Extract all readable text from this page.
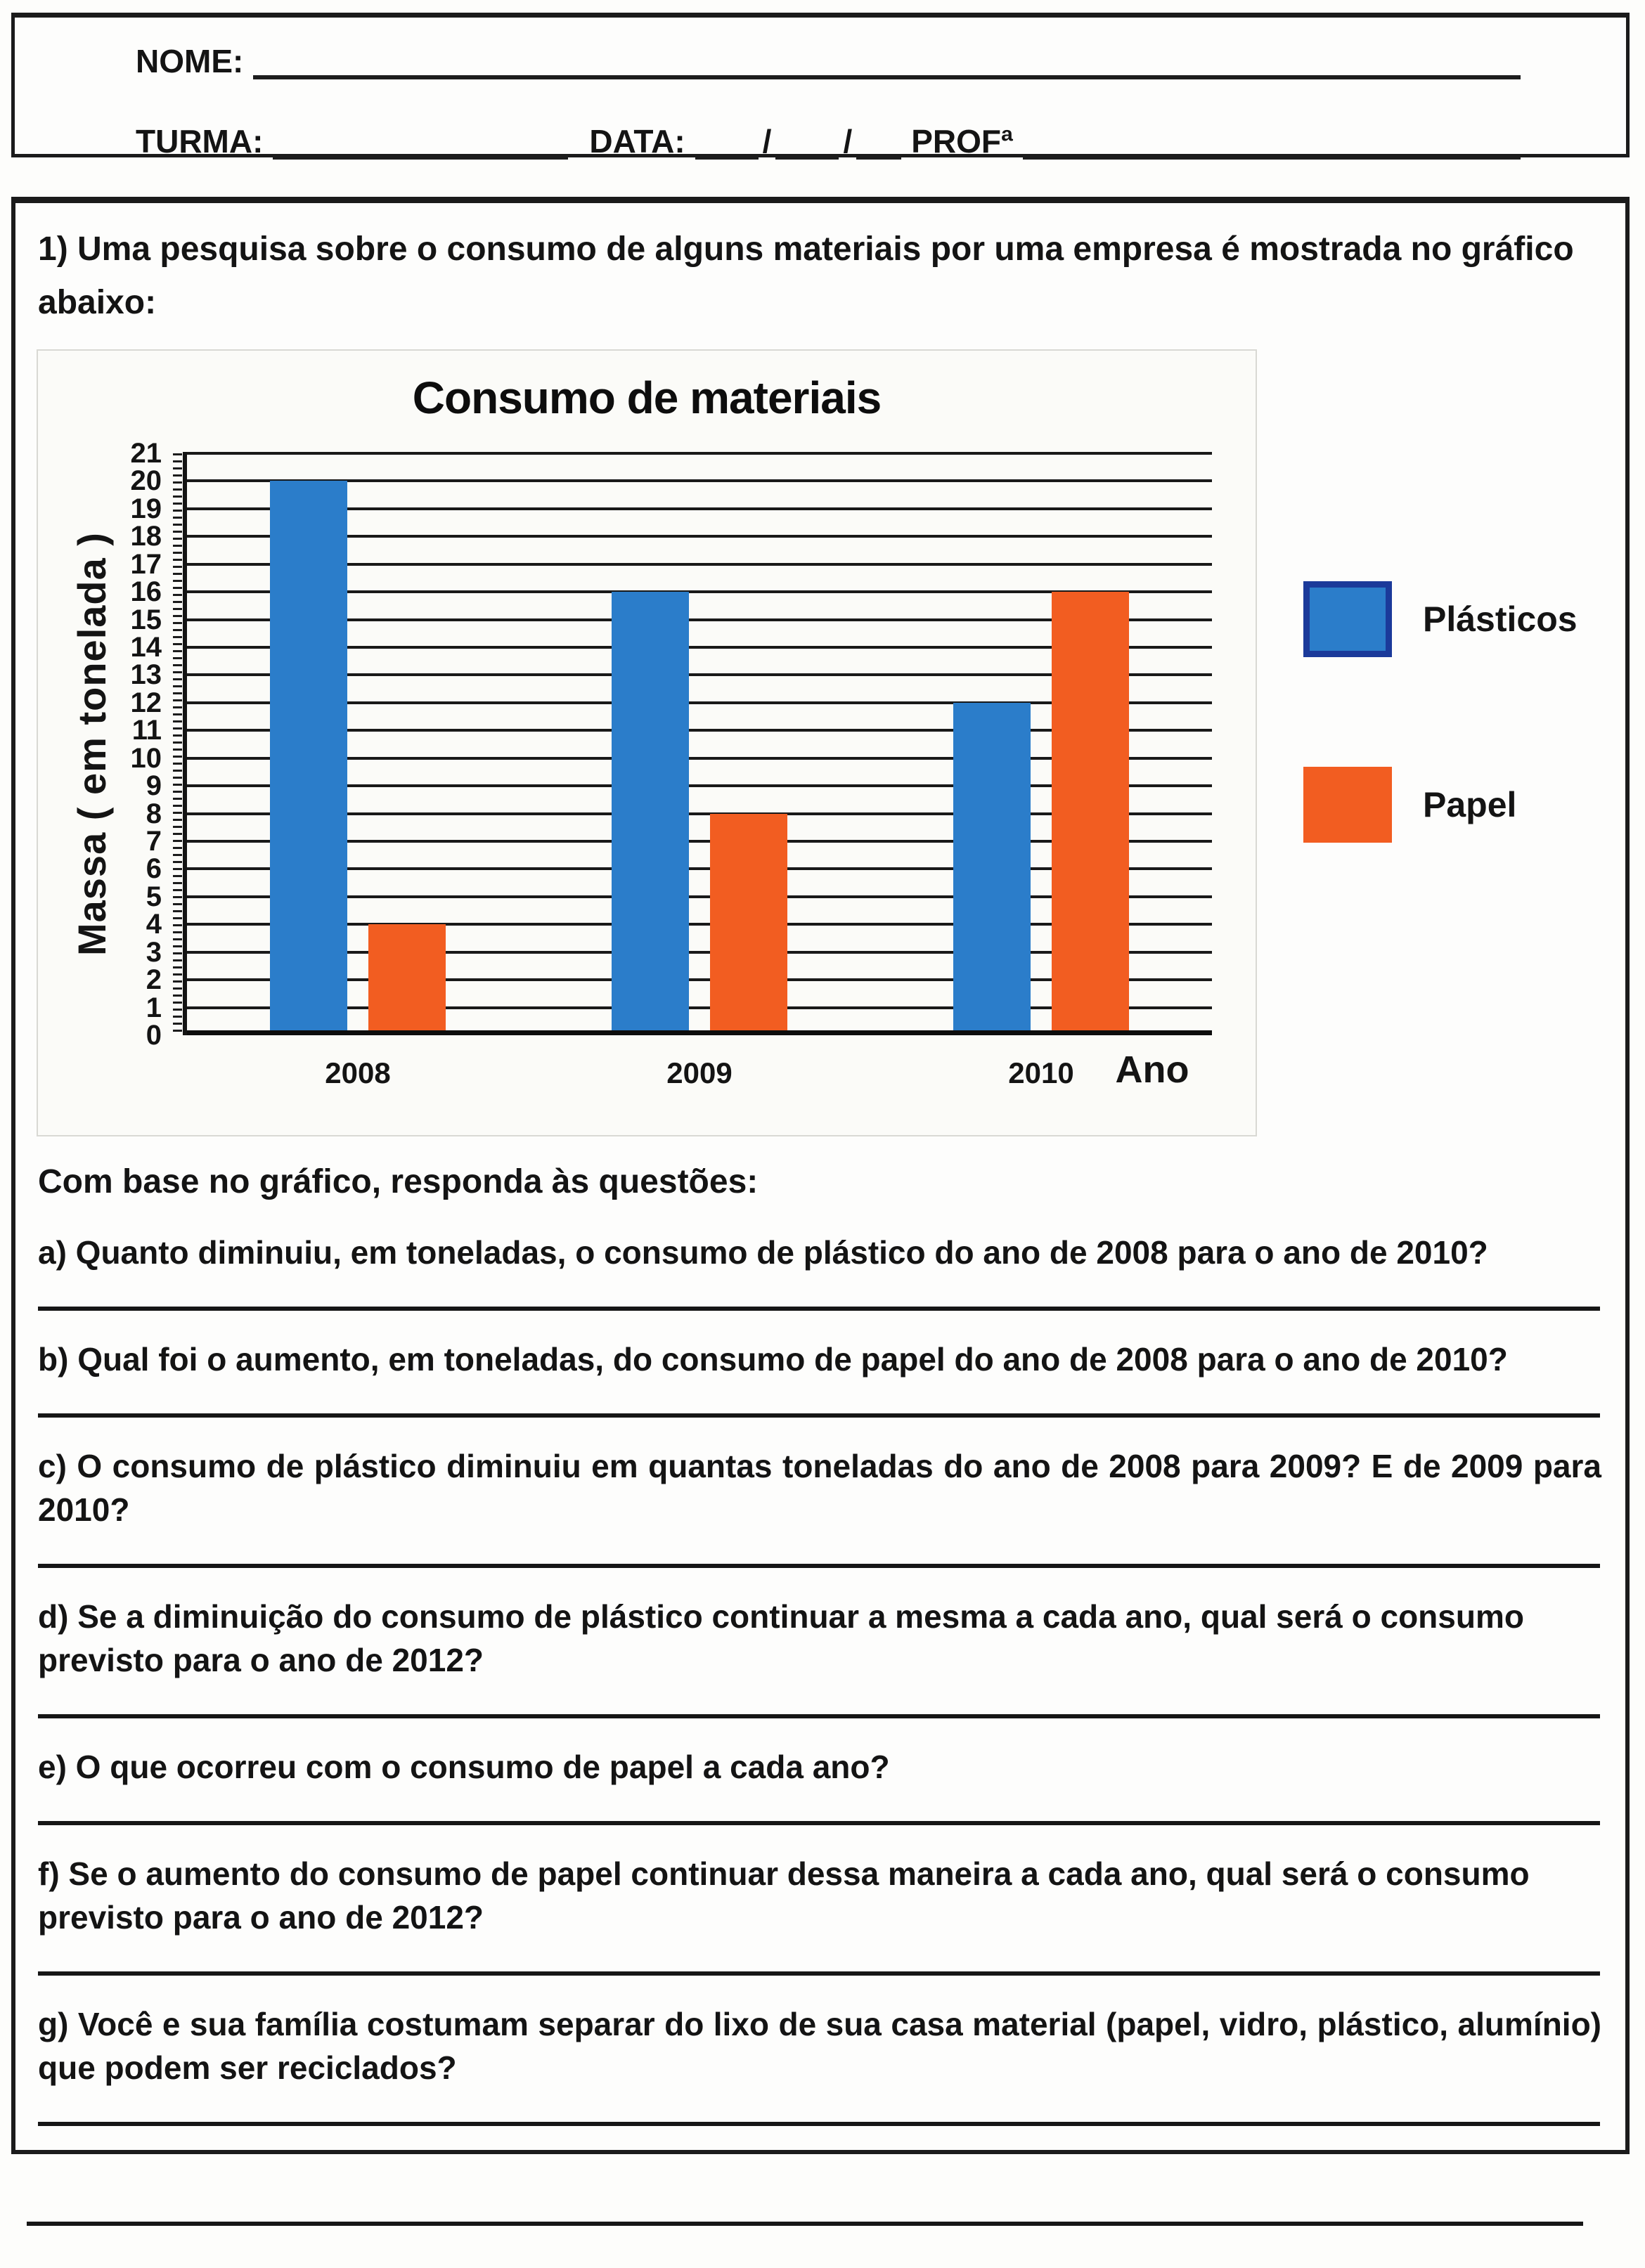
NOME:
TURMA:	DATA: / / PROFª

1) Uma pesquisa sobre o consumo de alguns materiais por uma empresa é mostrada no gráfico abaixo:

Consumo de materiais
Massa ( em tonelada )
0
1
2
3
4
5
6
7
8
9
10
11
12
13
14
15
16
17
18
19
20
21
2008	2009	2010	Ano
Plásticos
Papel

Com base no gráfico, responda às questões:

a) Quanto diminuiu, em toneladas, o consumo de plástico do ano de 2008 para o ano de 2010?

b) Qual foi o aumento, em toneladas, do consumo de papel do ano de 2008 para o ano de 2010?

c) O consumo de plástico diminuiu em quantas toneladas do ano de 2008 para 2009? E de 2009 para 2010?

d) Se a diminuição do consumo de plástico continuar a mesma a cada ano, qual será o consumo previsto para o ano de 2012?

e) O que ocorreu com o consumo de papel a cada ano?

f) Se o aumento do consumo de papel continuar dessa maneira a cada ano, qual será o consumo previsto para o ano de 2012?

g) Você e sua família costumam separar do lixo de sua casa material (papel, vidro, plástico, alumínio) que podem ser reciclados?
